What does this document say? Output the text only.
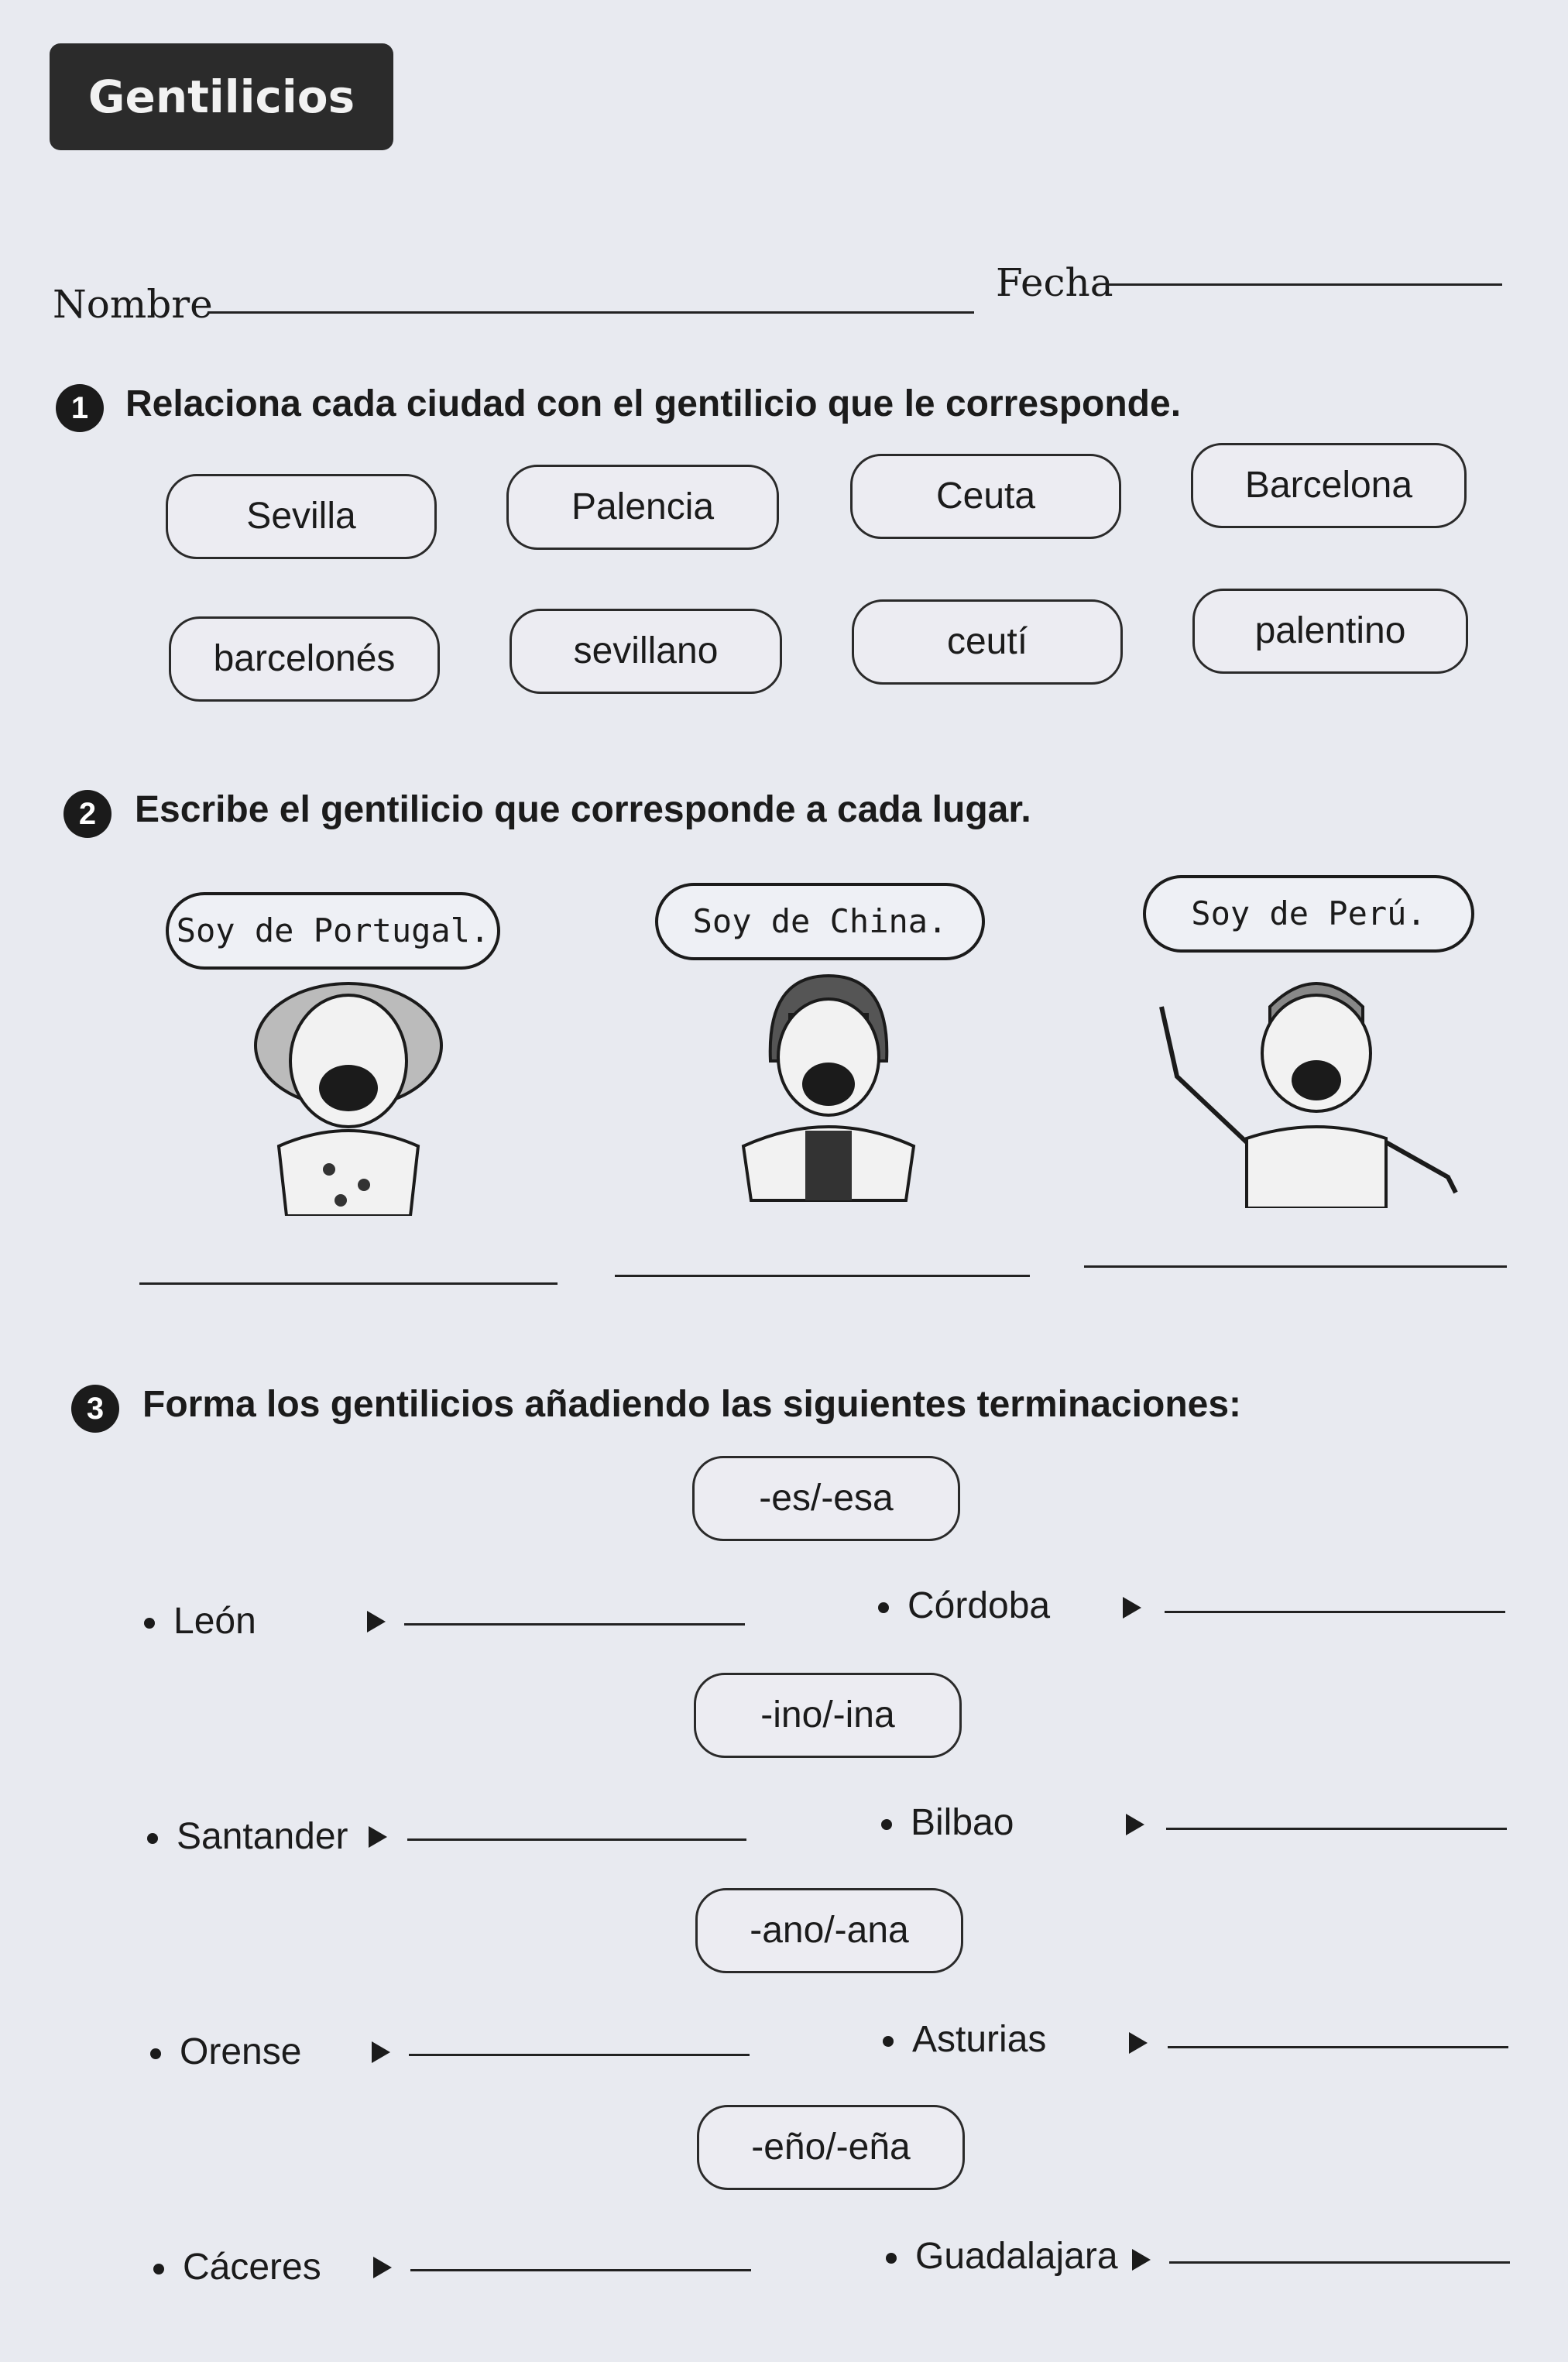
Gentilicios
Nombre	Fecha
1 Relaciona cada ciudad con el gentilicio que le corresponde.
Sevilla	Palencia	Ceuta	Barcelona
barcelonés	sevillano	ceutí	palentino
2	Escribe el gentilicio que corresponde a cada lugar.
Soy de Portugal.	Soy de China.	Soy de Perú.
3	Forma los gentilicios añadiendo las siguientes terminaciones:
-es/-esa
León	Córdoba
-ino/-ina
Santander	Bilbao
-ano/-ana
Orense	Asturias
-eño/-eña
Cáceres	Guadalajara
